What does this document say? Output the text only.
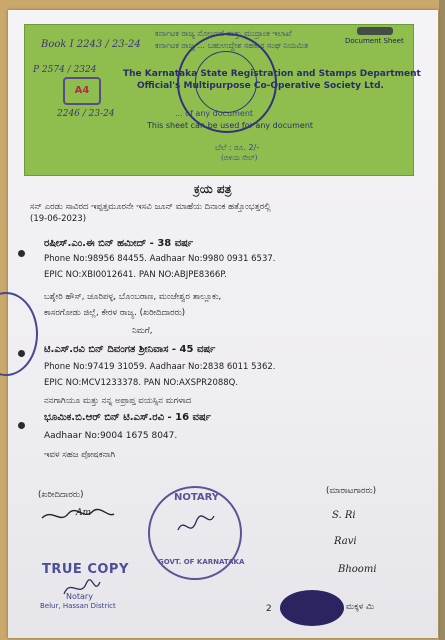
ಕರ್ನಾಟಕ ರಾಜ್ಯ ನೋಂದಣಿ ಮತ್ತು ಮುದ್ರಾಂಕ ಇಲಾಖೆ
ಕರ್ನಾಟಕ ರಾಜ್ಯ ... ಬಹುಉದ್ದೇಶ ಸಹಕಾರ ಸಂಘ ನಿಯಮಿತ	Document Sheet
The Karnataka State Registration and Stamps Department
Official's Multipurpose Co-Operative Society Ltd.
... of any document
This sheet can be used for any document
ಬೆಲೆ : ರೂ. 2/-
(ಬಿಳಿಯ ಸೇಲ್)
Book I 2243 / 23-24
P 2574 / 2324
A4
2246 / 23-24
ಕ್ರಯ ಪತ್ರ
ಸನ್ ಎರಡು ಸಾವಿರದ ಇಪ್ಪತ್ತಮೂರನೇ ಇಸವಿ ಜೂನ್ ಮಾಹೆಯ ದಿನಾಂಕ ಹತ್ತೊಂಭತ್ತರಲ್ಲಿ
(19-06-2023)
ರಷೀಸ್.ಎಂ.ಈ ಬಿನ್ ಹಮೀದ್ - 38 ವರ್ಷ
Phone No:98956 84455. Aadhaar No:9980 0931 6537.
EPIC NO:XBI0012641. PAN NO:ABJPE8366P.
ಬಶ್ಶೇರಿ ಹೌಸ್, ಚೂರಿಪಳ್ಳ, ಬೊಂಬರಾಣ, ಮಂಜೇಶ್ವರ ತಾಲ್ಲೂಕು,
ಕಾಸರಗೋಡು ಜಿಲ್ಲೆ, ಕೇರಳ ರಾಜ್ಯ. (ಖರೀದಿದಾರರು)
ನಿಮಗೆ,
ಟಿ.ಎಸ್.ರವಿ ಬಿನ್ ದಿವಂಗತ ಶ್ರೀನಿವಾಸ - 45 ವರ್ಷ
Phone No:97419 31059. Aadhaar No:2838 6011 5362.
EPIC NO:MCV1233378. PAN NO:AXSPR2088Q.
ನನಗಾಗಿಯೂ ಮತ್ತು ನನ್ನ ಅಪ್ರಾಪ್ತ ವಯಸ್ಸಿನ ಮಗಳಾದ
ಭೂಮಿಕ.ಬಿ.ಆರ್ ಬಿನ್ ಟಿ.ಎಸ್.ರವಿ - 16 ವರ್ಷ
Aadhaar No:9004 1675 8047.
ಇವಳ ಸಹಜ ಪೋಷಕನಾಗಿ
(ಖರೀದಿದಾರರು)	(ಮಾರಾಟಗಾರರು)
Am
NOTARY
GOVT. OF KARNATAKA
TRUE COPY
Notary
Belur, Hassan District
S. Ri
Ravi
Bhoomi
2	ಮಕ್ಕಳ ಮಿ
